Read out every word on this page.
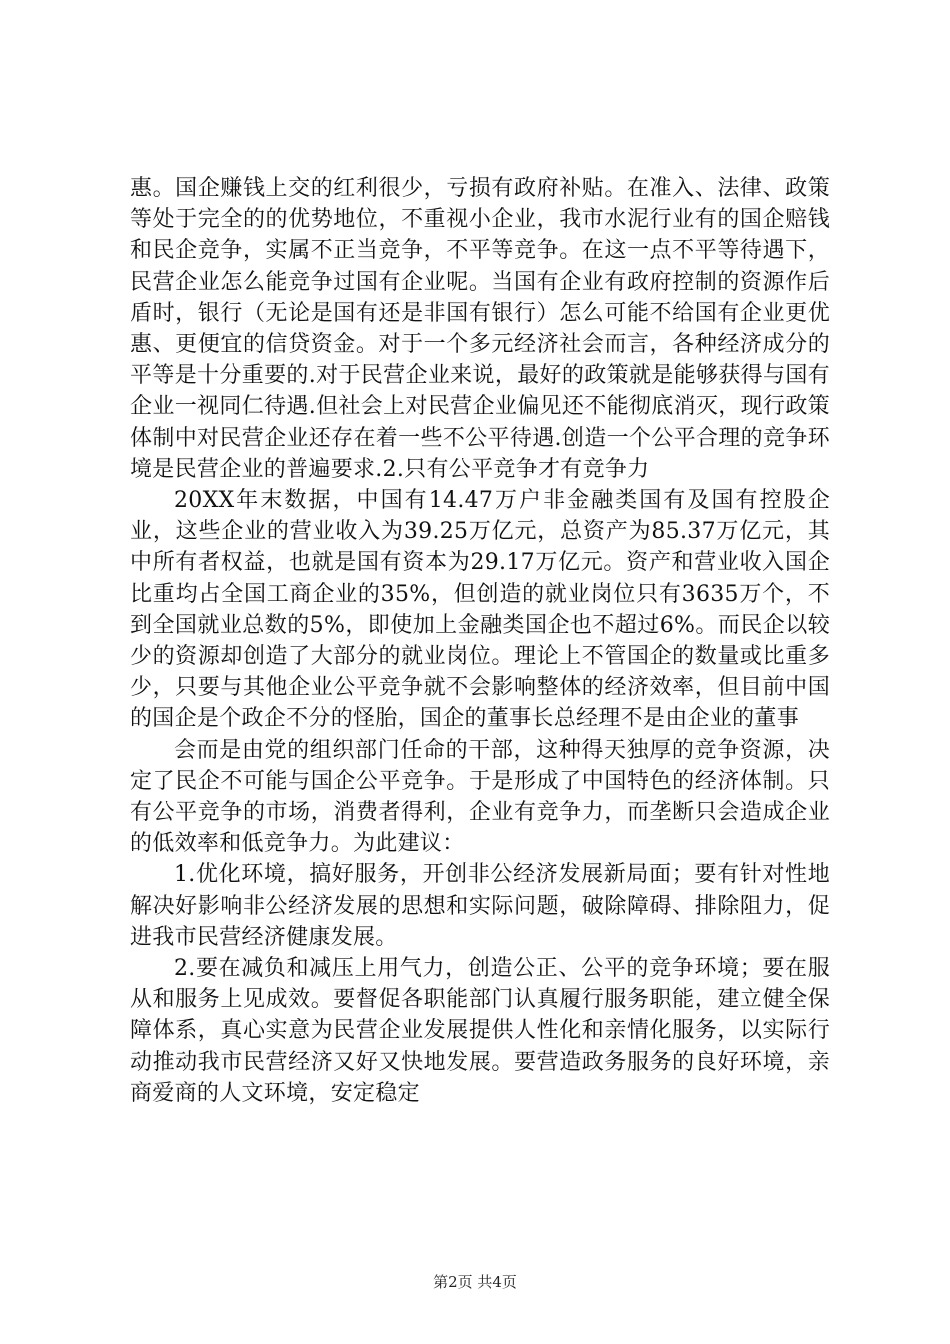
惠。国企赚钱上交的红利很少，亏损有政府补贴。在准入、法律、政策等处于完全的的优势地位，不重视小企业，我市水泥行业有的国企赔钱和民企竞争，实属不正当竞争，不平等竞争。在这一点不平等待遇下，民营企业怎么能竞争过国有企业呢。当国有企业有政府控制的资源作后盾时，银行（无论是国有还是非国有银行）怎么可能不给国有企业更优惠、更便宜的信贷资金。对于一个多元经济社会而言，各种经济成分的平等是十分重要的.对于民营企业来说，最好的政策就是能够获得与国有企业一视同仁待遇.但社会上对民营企业偏见还不能彻底消灭，现行政策体制中对民营企业还存在着一些不公平待遇.创造一个公平合理的竞争环境是民营企业的普遍要求.2.只有公平竞争才有竞争力

20XX年末数据，中国有14.47万户非金融类国有及国有控股企业，这些企业的营业收入为39.25万亿元，总资产为85.37万亿元，其中所有者权益，也就是国有资本为29.17万亿元。资产和营业收入国企比重均占全国工商企业的35%，但创造的就业岗位只有3635万个，不到全国就业总数的5%，即使加上金融类国企也不超过6%。而民企以较少的资源却创造了大部分的就业岗位。理论上不管国企的数量或比重多少，只要与其他企业公平竞争就不会影响整体的经济效率，但目前中国的国企是个政企不分的怪胎，国企的董事长总经理不是由企业的董事

会而是由党的组织部门任命的干部，这种得天独厚的竞争资源，决定了民企不可能与国企公平竞争。于是形成了中国特色的经济体制。只有公平竞争的市场，消费者得利，企业有竞争力，而垄断只会造成企业的低效率和低竞争力。为此建议：

1.优化环境，搞好服务，开创非公经济发展新局面；要有针对性地解决好影响非公经济发展的思想和实际问题，破除障碍、排除阻力，促进我市民营经济健康发展。

2.要在减负和减压上用气力，创造公正、公平的竞争环境；要在服从和服务上见成效。要督促各职能部门认真履行服务职能，建立健全保障体系，真心实意为民营企业发展提供人性化和亲情化服务，以实际行动推动我市民营经济又好又快地发展。要营造政务服务的良好环境，亲商爱商的人文环境，安定稳定

第2页 共4页
